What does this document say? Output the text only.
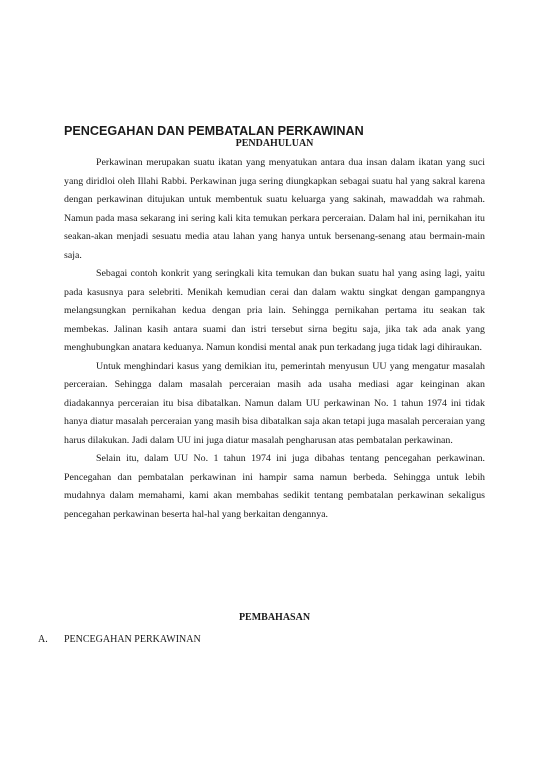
PENCEGAHAN DAN PEMBATALAN PERKAWINAN
PENDAHULUAN

Perkawinan merupakan suatu ikatan yang menyatukan antara dua insan dalam ikatan yang suci yang diridloi oleh Illahi Rabbi. Perkawinan juga sering diungkapkan sebagai suatu hal yang sakral karena dengan perkawinan ditujukan untuk membentuk suatu keluarga yang sakinah, mawaddah wa rahmah. Namun pada masa sekarang ini sering kali kita temukan perkara perceraian. Dalam hal ini, pernikahan itu seakan-akan menjadi sesuatu media atau lahan yang hanya untuk bersenang-senang atau bermain-main saja.

Sebagai contoh konkrit yang seringkali kita temukan dan bukan suatu hal yang asing lagi, yaitu pada kasusnya para selebriti. Menikah kemudian cerai dan dalam waktu singkat dengan gampangnya melangsungkan pernikahan kedua dengan pria lain. Sehingga pernikahan pertama itu seakan tak membekas. Jalinan kasih antara suami dan istri tersebut sirna begitu saja, jika tak ada anak yang menghubungkan anatara keduanya. Namun kondisi mental anak pun terkadang juga tidak lagi dihiraukan.

Untuk menghindari kasus yang demikian itu, pemerintah menyusun UU yang mengatur masalah perceraian. Sehingga dalam masalah perceraian masih ada usaha mediasi agar keinginan akan diadakannya perceraian itu bisa dibatalkan. Namun dalam UU perkawinan No. 1 tahun 1974 ini tidak hanya diatur masalah perceraian yang masih bisa dibatalkan saja akan tetapi juga masalah perceraian yang harus dilakukan. Jadi dalam UU ini juga diatur masalah pengharusan atas pembatalan perkawinan.

Selain itu, dalam UU No. 1 tahun 1974 ini juga dibahas tentang pencegahan perkawinan. Pencegahan dan pembatalan perkawinan ini hampir sama namun berbeda. Sehingga untuk lebih mudahnya dalam memahami, kami akan membahas sedikit tentang pembatalan perkawinan sekaligus pencegahan perkawinan beserta hal-hal yang berkaitan dengannya.

PEMBAHASAN
A. PENCEGAHAN PERKAWINAN
